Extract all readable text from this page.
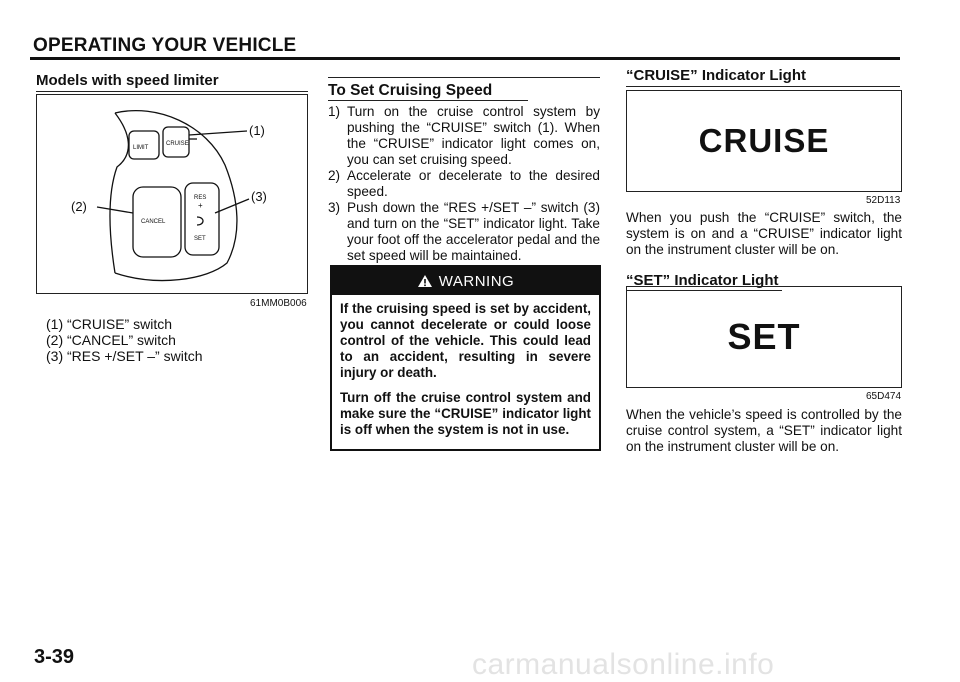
OPERATING YOUR VEHICLE
Models with speed limiter
LIMIT
CRUISE
CANCEL
RES
+
SET
(1)
(2)
(3)
61MM0B006
(1) “CRUISE” switch
(2) “CANCEL” switch
(3) “RES +/SET –” switch
To Set Cruising Speed
1) Turn on the cruise control system by pushing the “CRUISE” switch (1). When the “CRUISE” indicator light comes on, you can set cruising speed.
2) Accelerate or decelerate to the desired speed.
3) Push down the “RES +/SET –” switch (3) and turn on the “SET” indicator light. Take your foot off the accelerator pedal and the set speed will be maintained.
WARNING

If the cruising speed is set by accident, you cannot decelerate or could loose control of the vehicle. This could lead to an accident, resulting in severe injury or death.

Turn off the cruise control system and make sure the “CRUISE” indicator light is off when the system is not in use.

“CRUISE” Indicator Light
CRUISE
52D113
When you push the “CRUISE” switch, the system is on and a “CRUISE” indicator light on the instrument cluster will be on.
“SET” Indicator Light
SET
65D474
When the vehicle’s speed is controlled by the cruise control system, a “SET” indicator light on the instrument cluster will be on.
3-39	carmanualsonline.info
